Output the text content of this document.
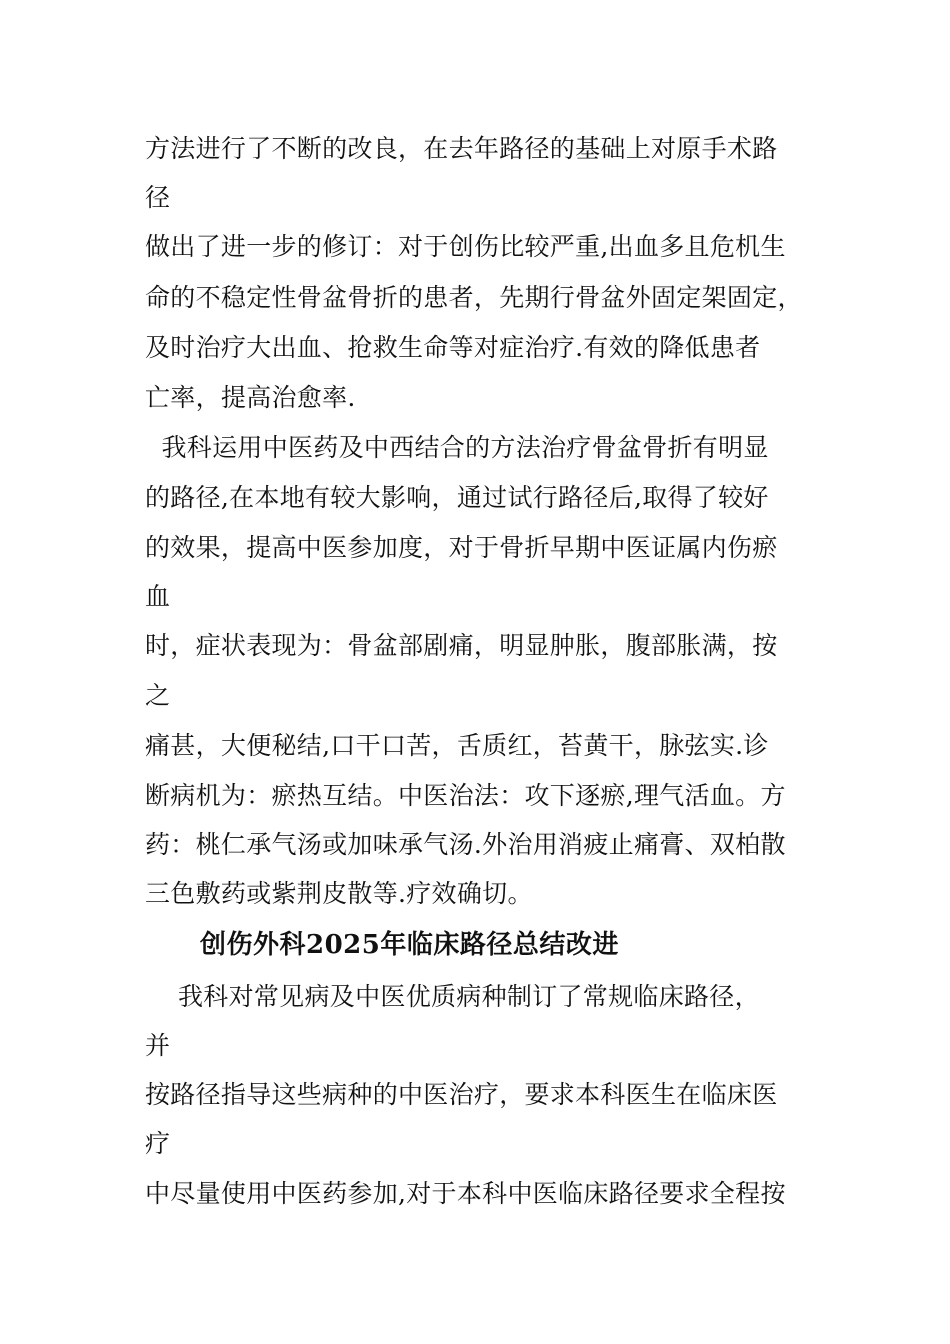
方法进行了不断的改良，在去年路径的基础上对原手术路
径
做出了进一步的修订：对于创伤比较严重,出血多且危机生
命的不稳定性骨盆骨折的患者，先期行骨盆外固定架固定，
及时治疗大出血、抢救生命等对症治疗.有效的降低患者
亡率，提高治愈率.
我科运用中医药及中西结合的方法治疗骨盆骨折有明显
的路径,在本地有较大影响，通过试行路径后,取得了较好
的效果，提高中医参加度，对于骨折早期中医证属内伤瘀
血
时，症状表现为：骨盆部剧痛，明显肿胀，腹部胀满，按
之
痛甚，大便秘结,口干口苦，舌质红，苔黄干，脉弦实.诊
断病机为：瘀热互结。中医治法：攻下逐瘀,理气活血。方
药：桃仁承气汤或加味承气汤.外治用消疲止痛膏、双柏散
三色敷药或紫荆皮散等.疗效确切。
创伤外科2025年临床路径总结改进
我科对常见病及中医优质病种制订了常规临床路径，
并
按路径指导这些病种的中医治疗，要求本科医生在临床医
疗
中尽量使用中医药参加,对于本科中医临床路径要求全程按
